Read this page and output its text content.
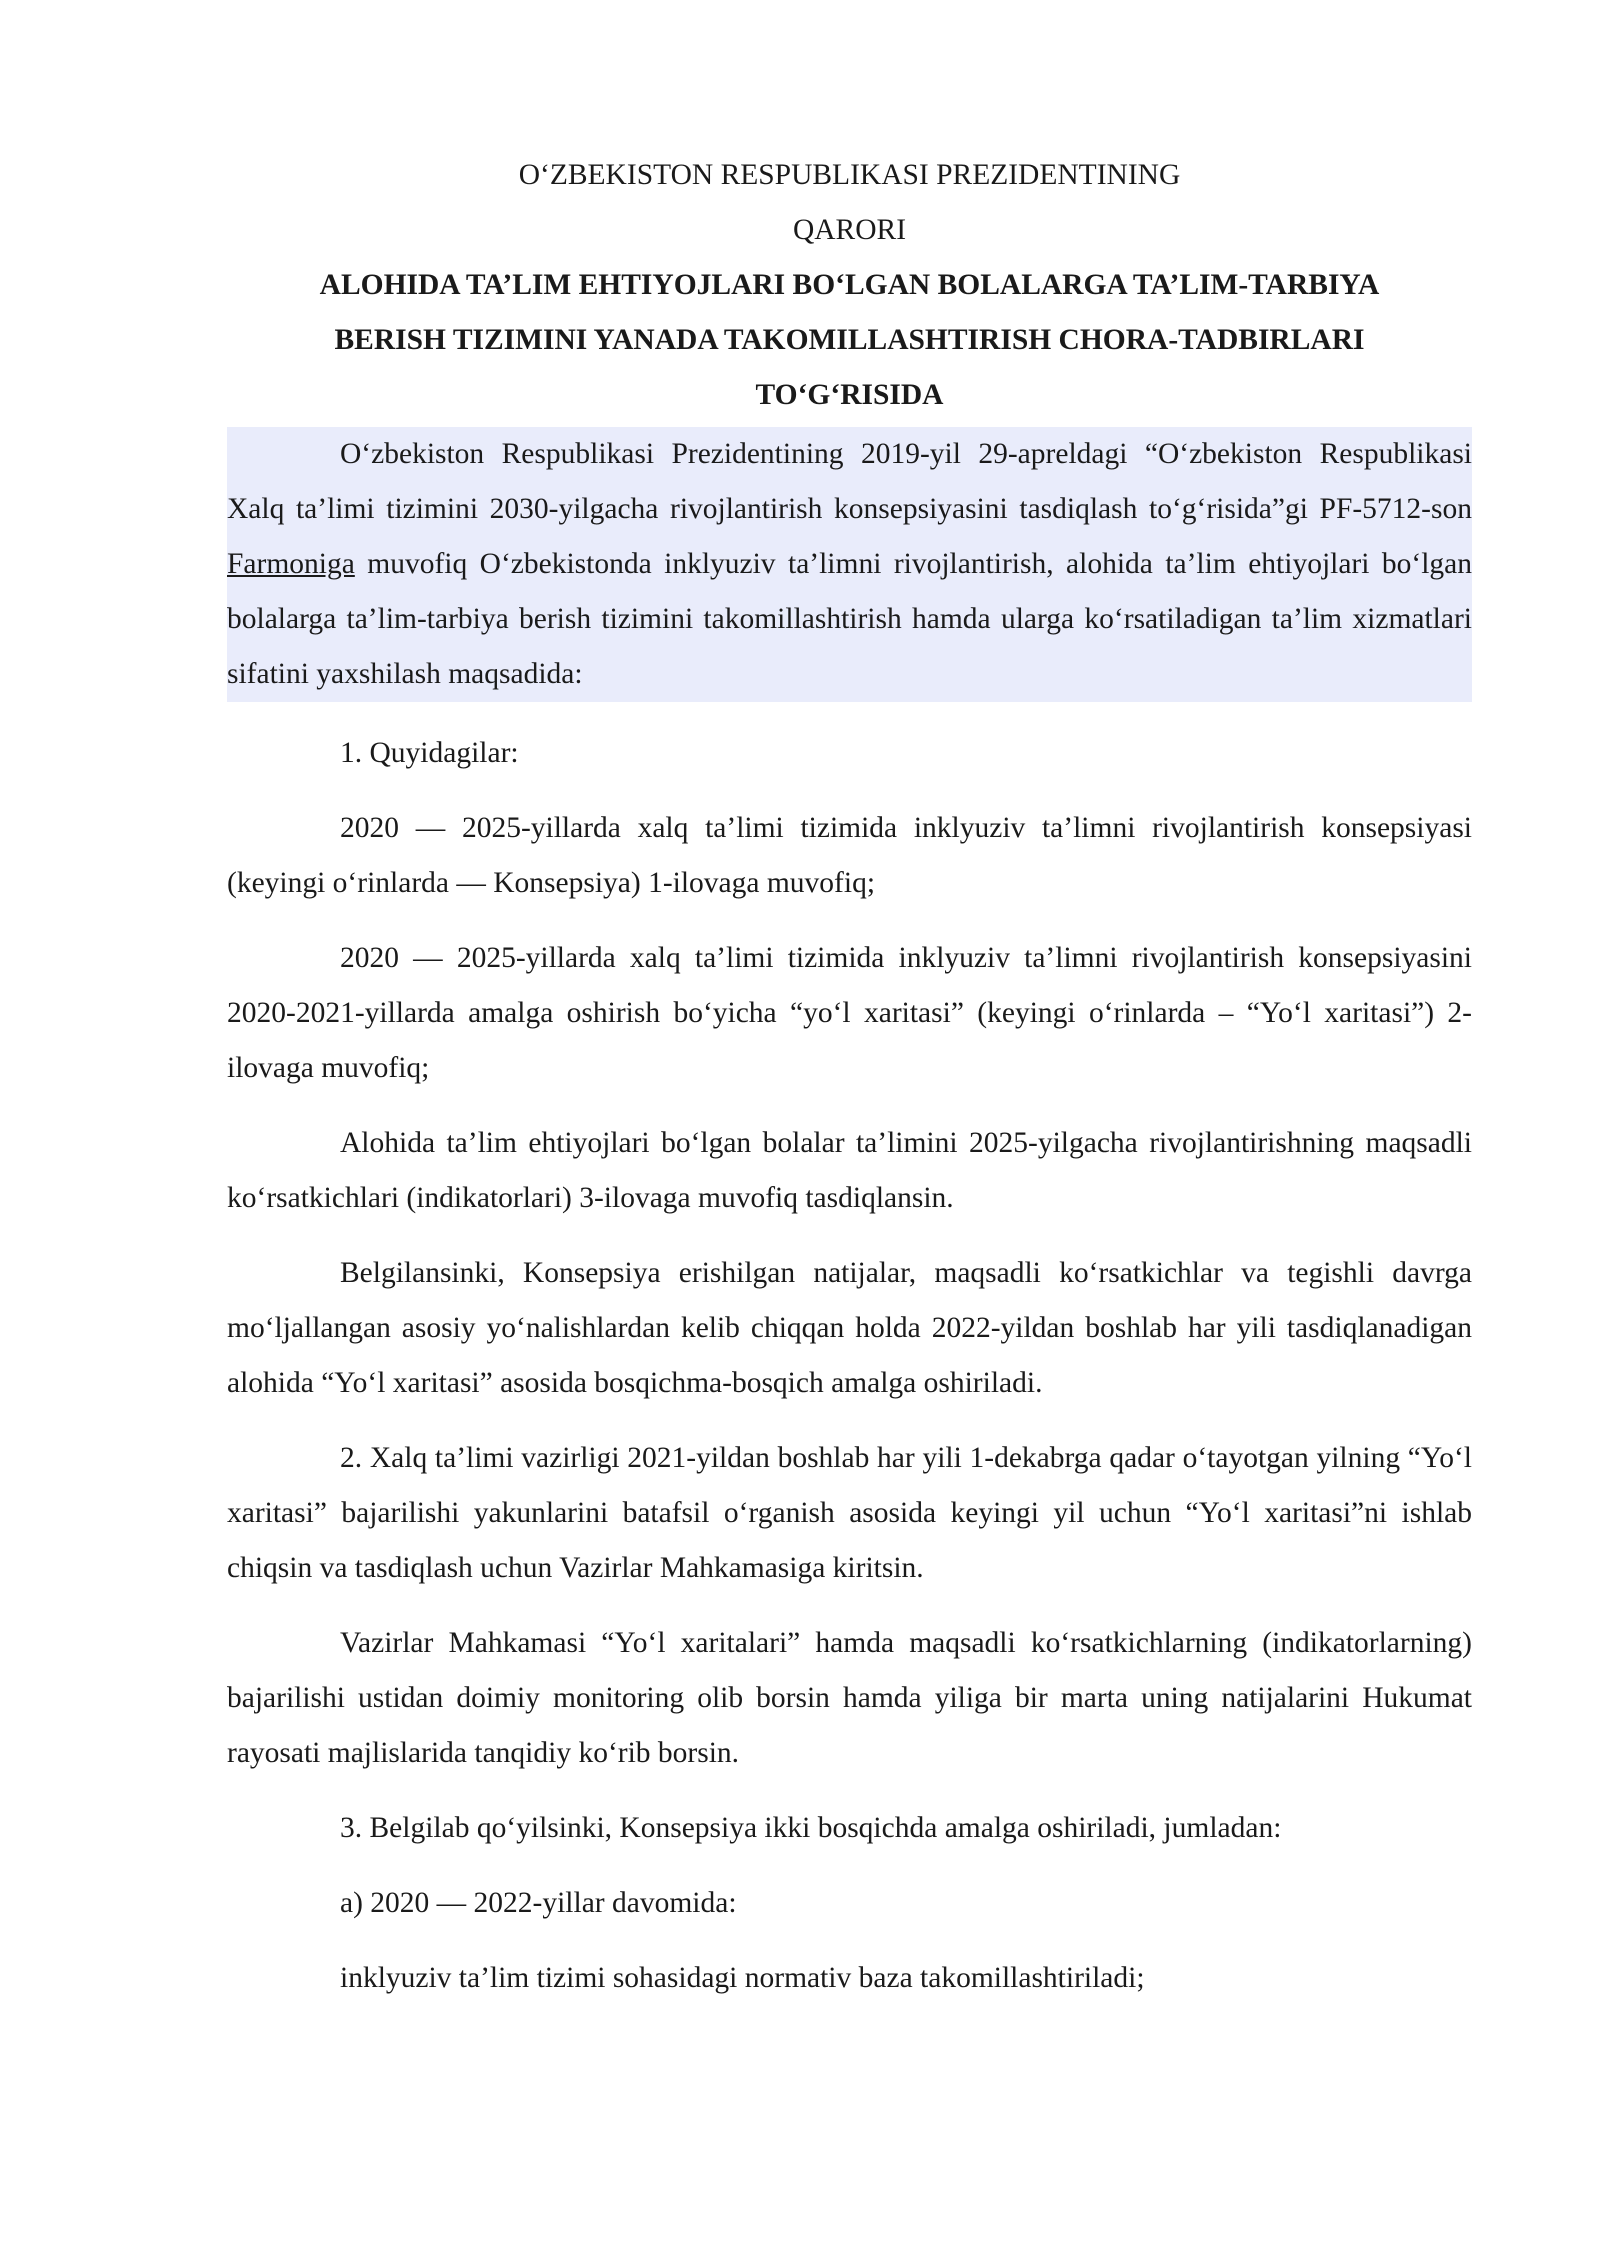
O‘ZBEKISTON RESPUBLIKASI PREZIDENTINING

QARORI

ALOHIDA TA’LIM EHTIYOJLARI BO‘LGAN BOLALARGA TA’LIM-TARBIYA

BERISH TIZIMINI YANADA TAKOMILLASHTIRISH CHORA-TADBIRLARI

TO‘G‘RISIDA

O‘zbekiston Respublikasi Prezidentining 2019-yil 29-apreldagi “O‘zbekiston Respublikasi Xalq ta’limi tizimini 2030-yilgacha rivojlantirish konsepsiyasini tasdiqlash to‘g‘risida”gi PF-5712-son Farmoniga muvofiq O‘zbekistonda inklyuziv ta’limni rivojlantirish, alohida ta’lim ehtiyojlari bo‘lgan bolalarga ta’lim-tarbiya berish tizimini takomillashtirish hamda ularga ko‘rsatiladigan ta’lim xizmatlari sifatini yaxshilash maqsadida:

1. Quyidagilar:

2020 — 2025-yillarda xalq ta’limi tizimida inklyuziv ta’limni rivojlantirish konsepsiyasi (keyingi o‘rinlarda — Konsepsiya) 1-ilovaga muvofiq;

2020 — 2025-yillarda xalq ta’limi tizimida inklyuziv ta’limni rivojlantirish konsepsiyasini 2020-2021-yillarda amalga oshirish bo‘yicha “yo‘l xaritasi” (keyingi o‘rinlarda – “Yo‘l xaritasi”) 2-ilovaga muvofiq;

Alohida ta’lim ehtiyojlari bo‘lgan bolalar ta’limini 2025-yilgacha rivojlantirishning maqsadli ko‘rsatkichlari (indikatorlari) 3-ilovaga muvofiq tasdiqlansin.

Belgilansinki, Konsepsiya erishilgan natijalar, maqsadli ko‘rsatkichlar va tegishli davrga mo‘ljallangan asosiy yo‘nalishlardan kelib chiqqan holda 2022-yildan boshlab har yili tasdiqlanadigan alohida “Yo‘l xaritasi” asosida bosqichma-bosqich amalga oshiriladi.

2. Xalq ta’limi vazirligi 2021-yildan boshlab har yili 1-dekabrga qadar o‘tayotgan yilning “Yo‘l xaritasi” bajarilishi yakunlarini batafsil o‘rganish asosida keyingi yil uchun “Yo‘l xaritasi”ni ishlab chiqsin va tasdiqlash uchun Vazirlar Mahkamasiga kiritsin.

Vazirlar Mahkamasi “Yo‘l xaritalari” hamda maqsadli ko‘rsatkichlarning (indikatorlarning) bajarilishi ustidan doimiy monitoring olib borsin hamda yiliga bir marta uning natijalarini Hukumat rayosati majlislarida tanqidiy ko‘rib borsin.

3. Belgilab qo‘yilsinki, Konsepsiya ikki bosqichda amalga oshiriladi, jumladan:

a) 2020 — 2022-yillar davomida:

inklyuziv ta’lim tizimi sohasidagi normativ baza takomillashtiriladi;
